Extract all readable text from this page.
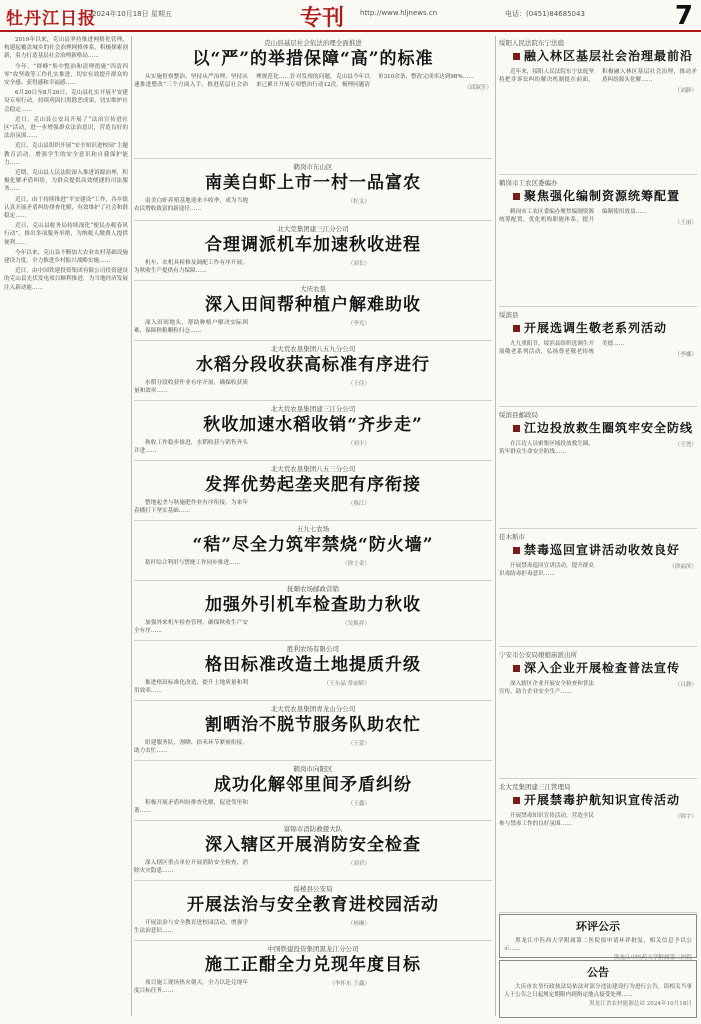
牡丹江日报
2024年10月18日 星期五	专刊 http://www.hljnews.cn	电话：(0451)84685043	7

2019年以来，克山县坚持推进网格化管理，构建起覆盖城乡的社会治理网格体系，积极探索创新，着力打造基层社会治理新格局……

今年，“群峰”集中整治和清理措施“四清四零”攻坚战等工作扎实推进，切实有效提升群众的安全感、获得感和幸福感……

6月26日至8月26日，克山县扎实开展平安建设专项行动，持续巩固扫黑除恶成果，切实维护社会稳定……

近日，克山县公安局开展了“法治宣传进社区”活动，进一步增强群众法治意识，营造良好的法治氛围……

近日，克山县组织开展“安全知识进校园”主题教育活动，增强学生的安全意识和自我保护能力……

近期，克山县人民法院深入推进诉源治理，积极化解矛盾纠纷，为群众提供高效便捷的司法服务……

近日，由于持续推进“平安建设”工作，各乡镇认真开展矛盾纠纷排查化解，有效维护了社会和谐稳定……

近日，克山县税务局持续深化“便民办税春风行动”，推出多项服务举措，为纳税人缴费人提供便利……

今年以来，克山县不断加大农业农村基础设施建设力度，全力推进乡村振兴战略实施……

近日，由中国铁建投资集团有限公司投资建设的克山县光伏发电项目顺利推进，为当地经济发展注入新动能……

克山县基层社会依法治理全面推进
以“严”的举措保障“高”的标准

从实施督察整治、坚持从严治理、坚持从速推进整改“三个方面入手，推进基层社会治理规范化……针对发现的问题，克山县今年以来已累计开展专项整治行动12次，梳理问题清单310余条，整改完成率达到98%……

（邱淑芳）

鹤岗市东山区
南美白虾上市一村一品富农

南美白虾养殖基地迎来丰收季，成为当地农民增收致富的新途径……

（牡文）

北大荒集团建三江分公司
合理调派机车加速秋收进程

机车、农机具检修及调配工作有序开展，为秋收生产提供有力保障……

（刘长）

大庆农垦
深入田间帮种植户解难助收

深入田间地头，帮助种植户解决实际困难，保障秋粮颗粒归仓……

（李光）

北大荒农垦集团八五九分公司
水稻分段收获高标准有序进行

水稻分段收获作业有序开展，确保收获质量和效率……

（王佳）

北大荒农垦集团建三江分公司
秋收加速水稻收销“齐步走”

秋收工作稳步推进，水稻收获与销售齐头并进……

（刘丰）

北大荒农垦集团八五三分公司
发挥优势起垄夹肥有序衔接

整地起垄与秋施肥作业有序衔接，为来年春播打下坚实基础……

（蔡江）

五九七农场
“秸”尽全力筑牢禁烧“防火墙”

秸秆综合利用与禁烧工作同步推进……	（徐士金）

抚顺农场邮政营销
加强外引机车检查助力秋收

加强外来机车检查管理，确保秋收生产安全有序……

（吴焕祥）

胜利农场有限公司
格田标准改造土地提质升级

推进格田标准化改造，提升土地质量和利用效率……

（王东晶 常丽娇）

北大荒农垦集团青龙山分公司
割晒治不脱节服务队助农忙

组建服务队，割晒、拾禾环节紧密衔接，助力农忙……

（王蕾）

鹤岗市向阳区
成功化解邻里间矛盾纠纷

积极开展矛盾纠纷排查化解，促进邻里和谐……

（王鑫）

富锦市消防救援大队
深入辖区开展消防安全检查

深入辖区重点单位开展消防安全检查，消除火灾隐患……

（刘君）

绥棱县公安局
开展法治与安全教育进校园活动

开展法治与安全教育进校园活动，增强学生法治意识……

（杨琳）

中国铁建投资集团黑龙江分公司
施工正酣全力兑现年度目标

项目施工现场热火朝天，全力以赴兑现年度目标任务……

（李怀东 王鑫）

绥阳人民法院东宁法庭
融入林区基层社会治理最前沿

近年来，绥阳人民法院东宁法庭坚持把非诉讼纠纷解决机制挺在前面，积极融入林区基层社会治理，推动矛盾纠纷源头化解……

（刘静）

鹤岗市工农区委编办
聚焦强化编制资源统筹配置

鹤岗市工农区委编办聚焦编制资源统筹配置，优化机构职能体系，提升编制使用效益……

（王丽）

绥滨县
开展选调生敬老系列活动

九九重阳节，绥滨县组织选调生开展敬老系列活动，弘扬尊老敬老传统美德……

（李娜）

绥滨县邮政局
江边投放救生圈筑牢安全防线

在江边人员密集区域投放救生圈，筑牢群众生命安全防线……

（王尧）

佳木斯市
禁毒巡回宣讲活动收效良好

开展禁毒巡回宣讲活动，提升群众识毒防毒拒毒意识……

（徐福滨）

宁安市公安局娘娘庙派出所
深入企业开展检查普法宣传

深入辖区企业开展安全检查和普法宣传，助力企业安全生产……

（吕静）

北大荒集团建三江管理局
开展禁毒护航知识宣传活动

开展禁毒知识宣传活动，营造全民参与禁毒工作的良好氛围……

（韩宇）

环评公示

黑龙江中匹西大学附属第二医院拟申请环评批复，相关信息予以公示……

黑龙江中医药大学附属第二医院

公告

大庆市农垦行政执法局依法对部分违法建设行为进行公告，请相关当事人于公告之日起规定期限内到指定地点接受处理……

黑龙江省农村能源总站 2024年10月18日
